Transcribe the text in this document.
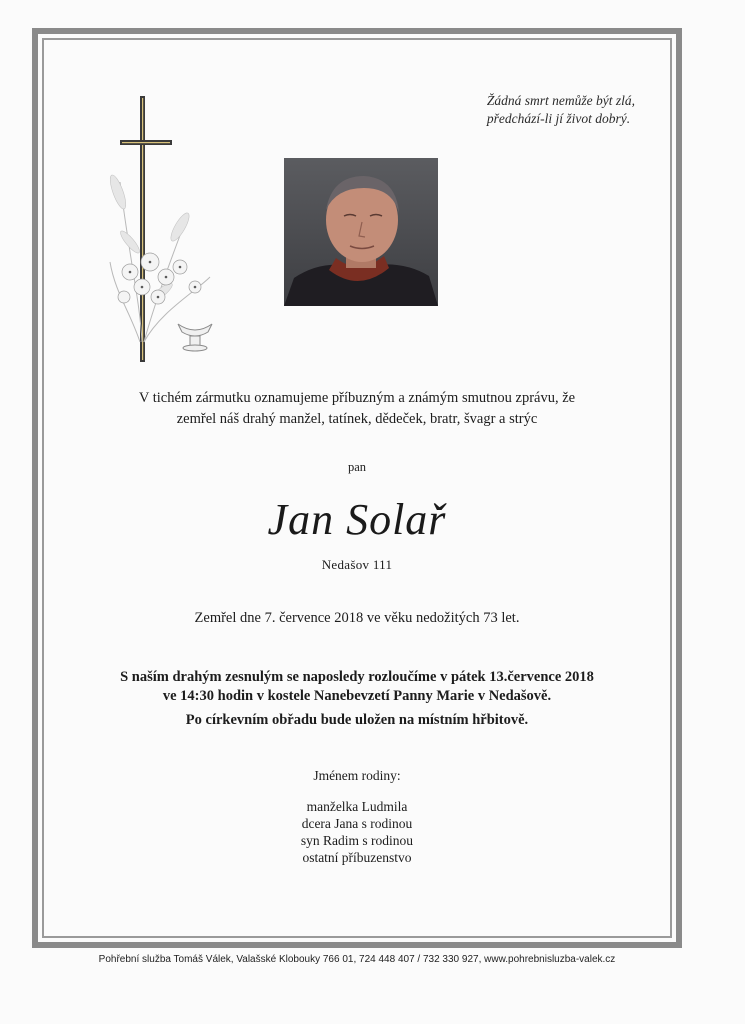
Žádná smrt nemůže být zlá,
předchází-li jí život dobrý.
V tichém zármutku oznamujeme příbuzným a známým smutnou zprávu, že
zemřel náš drahý manžel, tatínek, dědeček, bratr, švagr a strýc
pan
Jan Solař
Nedašov 111
Zemřel dne 7. července 2018 ve věku nedožitých 73 let.
S naším drahým zesnulým se naposledy rozloučíme v pátek 13.července 2018
ve 14:30 hodin v kostele Nanebevzetí Panny Marie v Nedašově.
Po církevním obřadu bude uložen na místním hřbitově.
Jménem rodiny:
manželka Ludmila
dcera Jana s rodinou
syn Radim s rodinou
ostatní příbuzenstvo
Pohřební služba Tomáš Válek, Valašské Klobouky 766 01, 724 448 407 / 732 330 927, www.pohrebnisluzba-valek.cz
